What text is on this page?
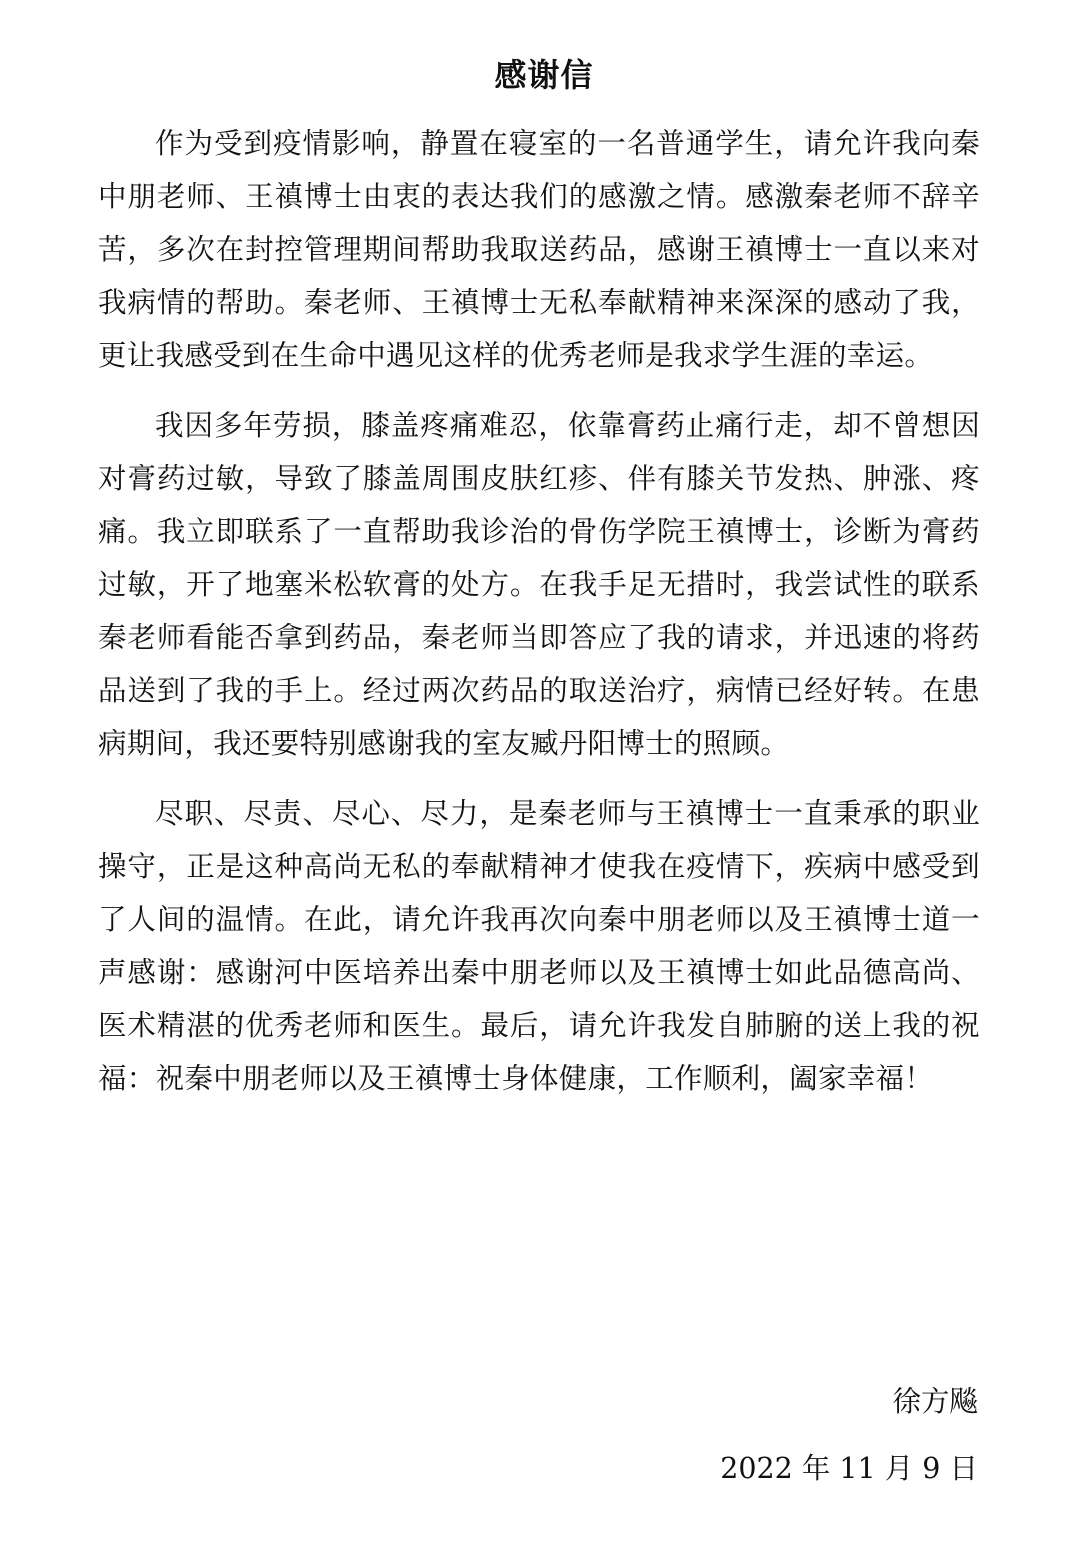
感谢信

作为受到疫情影响，静置在寝室的一名普通学生，请允许我向秦中朋老师、王禛博士由衷的表达我们的感激之情。感激秦老师不辞辛苦，多次在封控管理期间帮助我取送药品，感谢王禛博士一直以来对我病情的帮助。秦老师、王禛博士无私奉献精神来深深的感动了我，更让我感受到在生命中遇见这样的优秀老师是我求学生涯的幸运。

我因多年劳损，膝盖疼痛难忍，依靠膏药止痛行走，却不曾想因对膏药过敏，导致了膝盖周围皮肤红疹、伴有膝关节发热、肿涨、疼痛。我立即联系了一直帮助我诊治的骨伤学院王禛博士，诊断为膏药过敏，开了地塞米松软膏的处方。在我手足无措时，我尝试性的联系秦老师看能否拿到药品，秦老师当即答应了我的请求，并迅速的将药品送到了我的手上。经过两次药品的取送治疗，病情已经好转。在患病期间，我还要特别感谢我的室友臧丹阳博士的照顾。

尽职、尽责、尽心、尽力，是秦老师与王禛博士一直秉承的职业操守，正是这种高尚无私的奉献精神才使我在疫情下，疾病中感受到了人间的温情。在此，请允许我再次向秦中朋老师以及王禛博士道一声感谢：感谢河中医培养出秦中朋老师以及王禛博士如此品德高尚、医术精湛的优秀老师和医生。最后，请允许我发自肺腑的送上我的祝福：祝秦中朋老师以及王禛博士身体健康，工作顺利，阖家幸福！

徐方飚
2022 年 11 月 9 日
